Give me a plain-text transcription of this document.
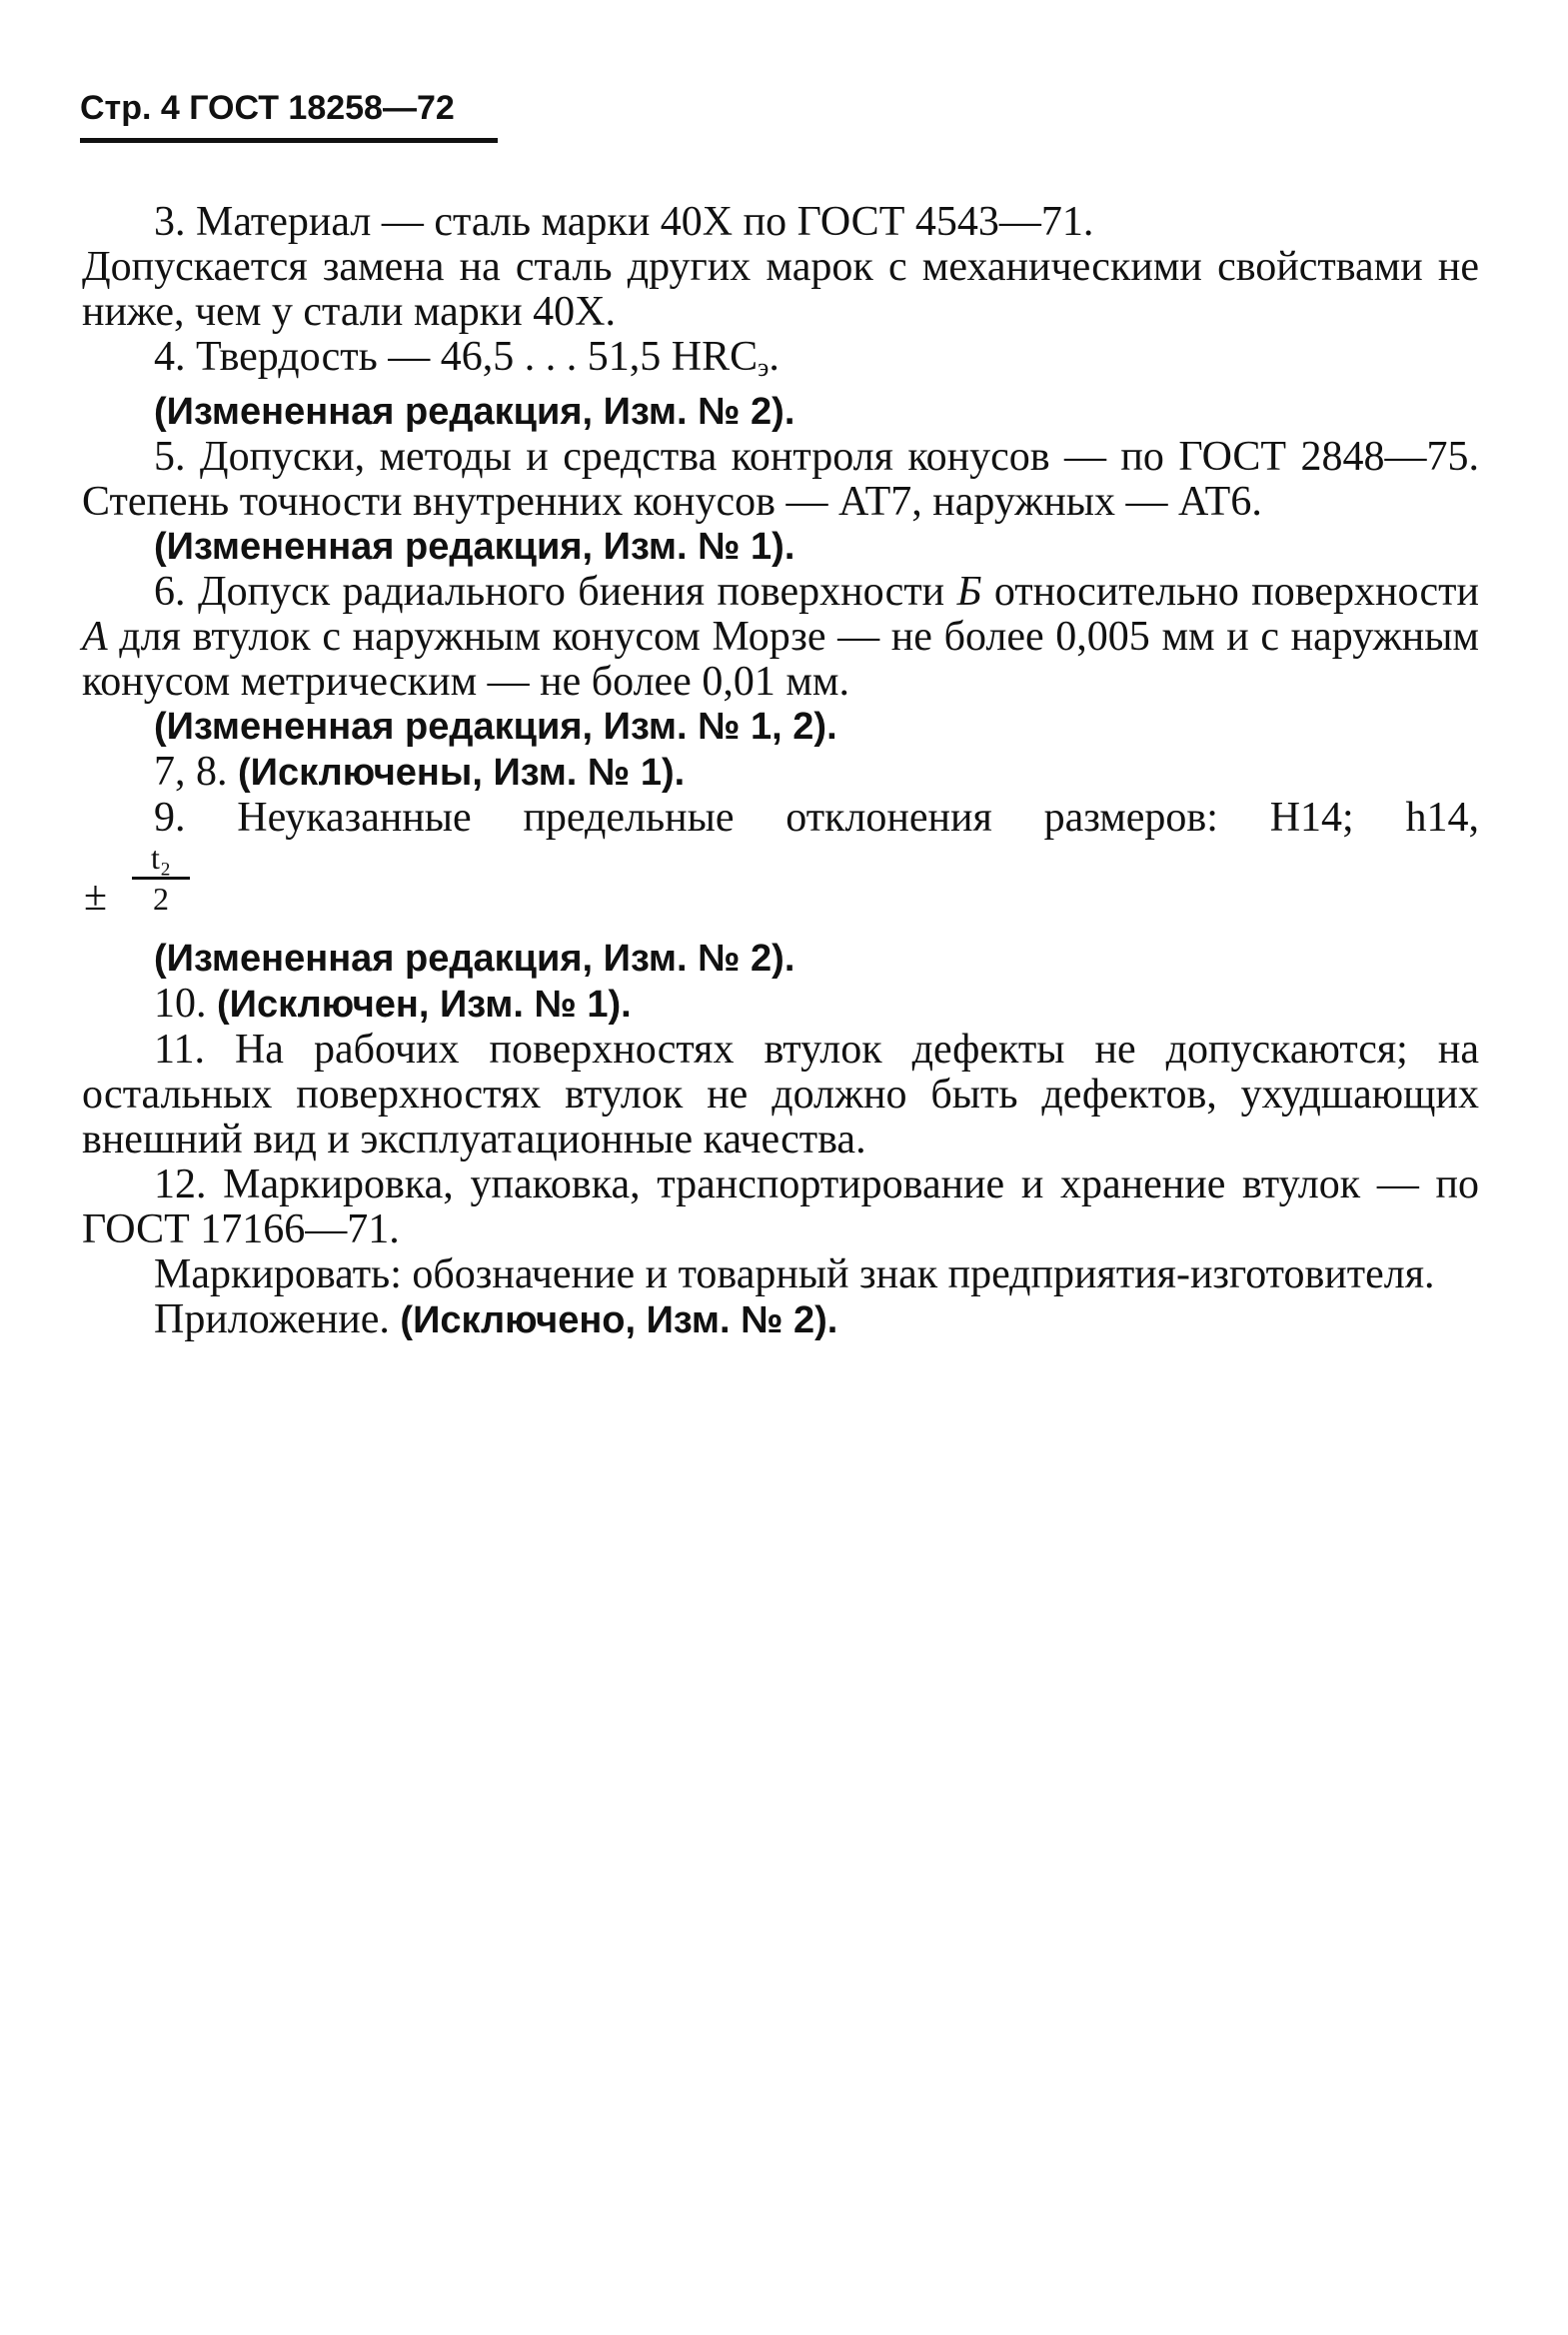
Стр. 4 ГОСТ 18258—72

3. Материал — сталь марки 40Х по ГОСТ 4543—71.

Допускается замена на сталь других марок с механическими свойствами не ниже, чем у стали марки 40Х.

4. Твердость — 46,5 . . . 51,5 $HRC_э$.

(Измененная редакция, Изм. № 2).

5. Допуски, методы и средства контроля конусов — по ГОСТ 2848—75. Степень точности внутренних конусов — АТ7, наружных — АТ6.

(Измененная редакция, Изм. № 1).

6. Допуск радиального биения поверхности Б относительно поверхности А для втулок с наружным конусом Морзе — не более 0,005 мм и с наружным конусом метрическим — не более 0,01 мм.

(Измененная редакция, Изм. № 1, 2).

7, 8. (Исключены, Изм. № 1).

9. Неуказанные предельные отклонения размеров: H14; h14,

± $\frac{\text{t₂}}{2}$

(Измененная редакция, Изм. № 2).

10. (Исключен, Изм. № 1).

11. На рабочих поверхностях втулок дефекты не допускаются; на остальных поверхностях втулок не должно быть дефектов, ухудшающих внешний вид и эксплуатационные качества.

12. Маркировка, упаковка, транспортирование и хранение втулок — по ГОСТ 17166—71.

Маркировать: обозначение и товарный знак предприятия-изготовителя.

Приложение. (Исключено, Изм. № 2).
